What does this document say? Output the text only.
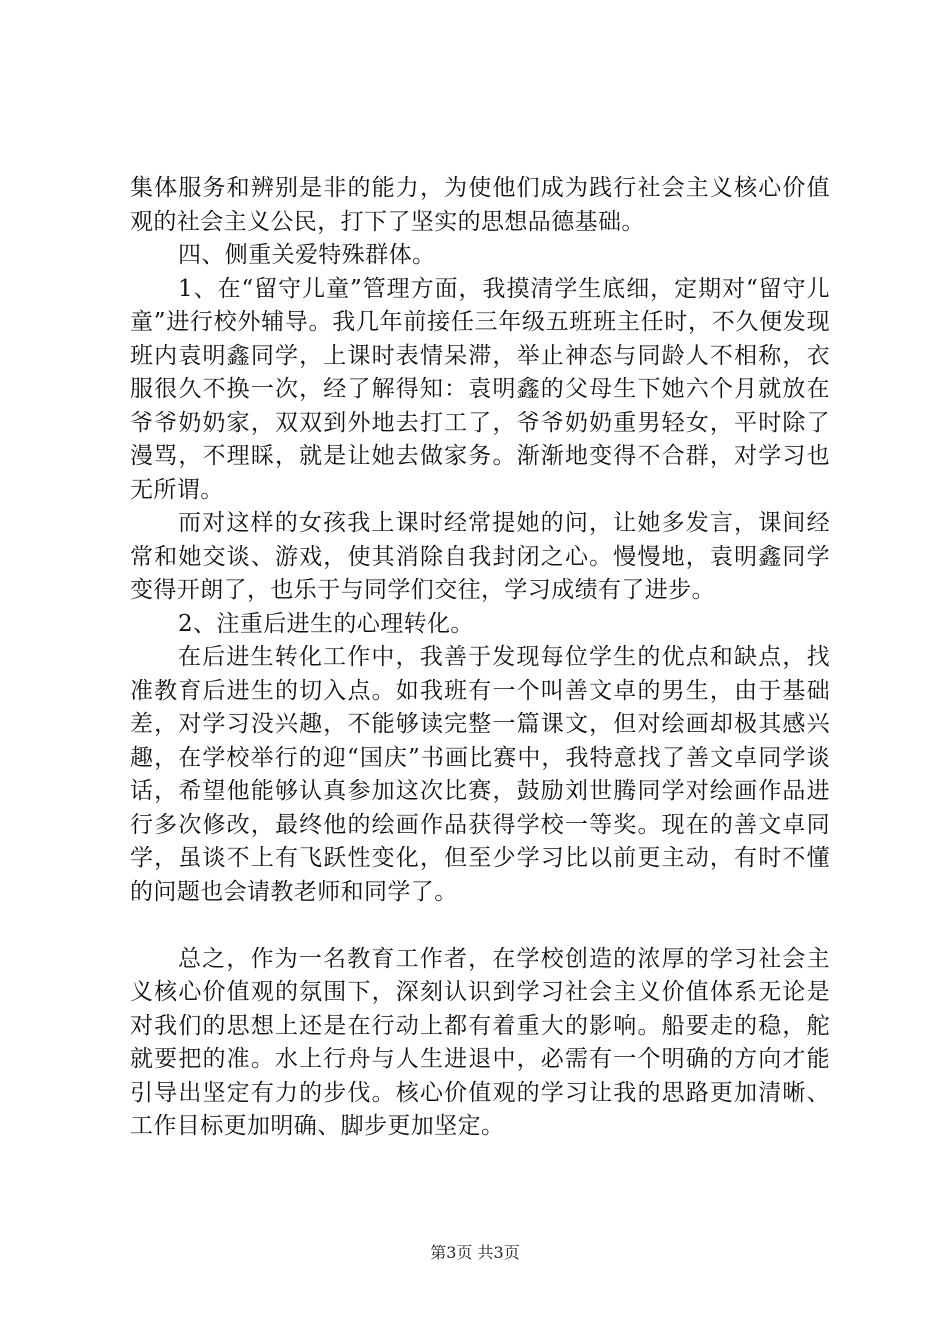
集体服务和辨别是非的能力，为使他们成为践行社会主义核心价值观的社会主义公民，打下了坚实的思想品德基础。

四、侧重关爱特殊群体。

1、在“留守儿童”管理方面，我摸清学生底细，定期对“留守儿童”进行校外辅导。我几年前接任三年级五班班主任时，不久便发现班内袁明鑫同学，上课时表情呆滞，举止神态与同龄人不相称，衣服很久不换一次，经了解得知：袁明鑫的父母生下她六个月就放在爷爷奶奶家，双双到外地去打工了，爷爷奶奶重男轻女，平时除了漫骂，不理睬，就是让她去做家务。渐渐地变得不合群，对学习也无所谓。

而对这样的女孩我上课时经常提她的问，让她多发言，课间经常和她交谈、游戏，使其消除自我封闭之心。慢慢地，袁明鑫同学变得开朗了，也乐于与同学们交往，学习成绩有了进步。

2、注重后进生的心理转化。

在后进生转化工作中，我善于发现每位学生的优点和缺点，找准教育后进生的切入点。如我班有一个叫善文卓的男生，由于基础差，对学习没兴趣，不能够读完整一篇课文，但对绘画却极其感兴趣，在学校举行的迎“国庆”书画比赛中，我特意找了善文卓同学谈话，希望他能够认真参加这次比赛，鼓励刘世腾同学对绘画作品进行多次修改，最终他的绘画作品获得学校一等奖。现在的善文卓同学，虽谈不上有飞跃性变化，但至少学习比以前更主动，有时不懂的问题也会请教老师和同学了。

总之，作为一名教育工作者，在学校创造的浓厚的学习社会主义核心价值观的氛围下，深刻认识到学习社会主义价值体系无论是对我们的思想上还是在行动上都有着重大的影响。船要走的稳，舵就要把的准。水上行舟与人生进退中，必需有一个明确的方向才能引导出坚定有力的步伐。核心价值观的学习让我的思路更加清晰、工作目标更加明确、脚步更加坚定。

第3页 共3页
